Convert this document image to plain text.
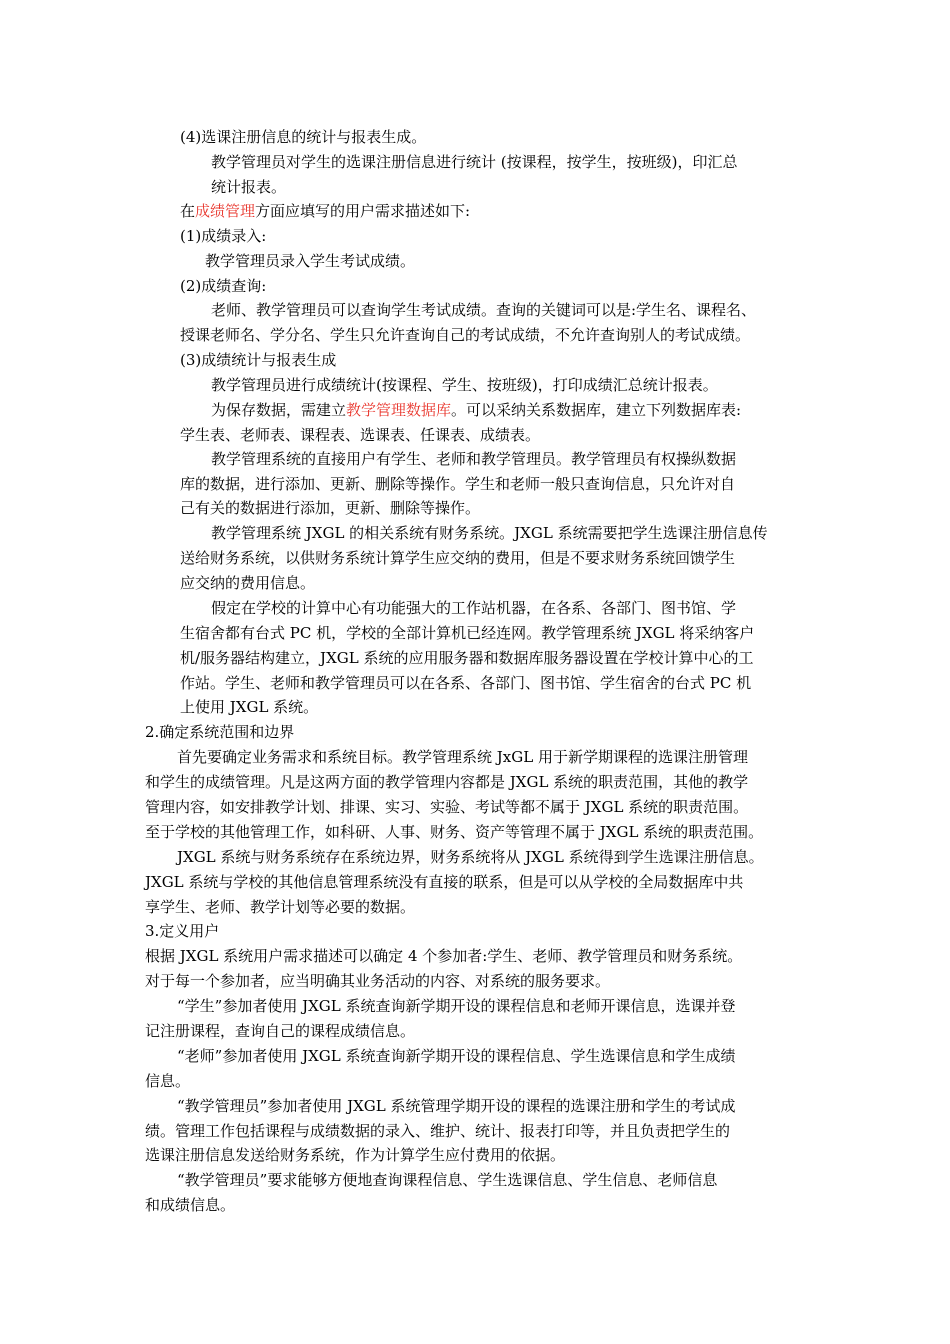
(4)选课注册信息的统计与报表生成。
教学管理员对学生的选课注册信息进行统计 (按课程，按学生，按班级)，印汇总
统计报表。
在成绩管理方面应填写的用户需求描述如下:
(1)成绩录入:
教学管理员录入学生考试成绩。
(2)成绩查询:
老师、教学管理员可以查询学生考试成绩。查询的关键词可以是:学生名、课程名、
授课老师名、学分名、学生只允许查询自己的考试成绩，不允许查询别人的考试成绩。
(3)成绩统计与报表生成
教学管理员进行成绩统计(按课程、学生、按班级)，打印成绩汇总统计报表。
为保存数据，需建立教学管理数据库。可以采纳关系数据库，建立下列数据库表:
学生表、老师表、课程表、选课表、任课表、成绩表。
教学管理系统的直接用户有学生、老师和教学管理员。教学管理员有权操纵数据
库的数据，进行添加、更新、删除等操作。学生和老师一般只查询信息，只允许对自
己有关的数据进行添加，更新、删除等操作。
教学管理系统 JXGL 的相关系统有财务系统。JXGL 系统需要把学生选课注册信息传
送给财务系统，以供财务系统计算学生应交纳的费用，但是不要求财务系统回馈学生
应交纳的费用信息。
假定在学校的计算中心有功能强大的工作站机器，在各系、各部门、图书馆、学
生宿舍都有台式 PC 机，学校的全部计算机已经连网。教学管理系统 JXGL 将采纳客户
机/服务器结构建立，JXGL 系统的应用服务器和数据库服务器设置在学校计算中心的工
作站。学生、老师和教学管理员可以在各系、各部门、图书馆、学生宿舍的台式 PC 机
上使用 JXGL 系统。
2.确定系统范围和边界
首先要确定业务需求和系统目标。教学管理系统 JxGL 用于新学期课程的选课注册管理
和学生的成绩管理。凡是这两方面的教学管理内容都是 JXGL 系统的职责范围，其他的教学
管理内容，如安排教学计划、排课、实习、实验、考试等都不属于 JXGL 系统的职责范围。
至于学校的其他管理工作，如科研、人事、财务、资产等管理不属于 JXGL 系统的职责范围。
JXGL 系统与财务系统存在系统边界，财务系统将从 JXGL 系统得到学生选课注册信息。
JXGL 系统与学校的其他信息管理系统没有直接的联系，但是可以从学校的全局数据库中共
享学生、老师、教学计划等必要的数据。
3.定义用户
根据 JXGL 系统用户需求描述可以确定 4 个参加者:学生、老师、教学管理员和财务系统。
对于每一个参加者，应当明确其业务活动的内容、对系统的服务要求。
“学生”参加者使用 JXGL 系统查询新学期开设的课程信息和老师开课信息，选课并登
记注册课程，查询自己的课程成绩信息。
“老师”参加者使用 JXGL 系统查询新学期开设的课程信息、学生选课信息和学生成绩
信息。
“教学管理员”参加者使用 JXGL 系统管理学期开设的课程的选课注册和学生的考试成
绩。管理工作包括课程与成绩数据的录入、维护、统计、报表打印等，并且负责把学生的
选课注册信息发送给财务系统，作为计算学生应付费用的依据。
“教学管理员”要求能够方便地查询课程信息、学生选课信息、学生信息、老师信息
和成绩信息。
